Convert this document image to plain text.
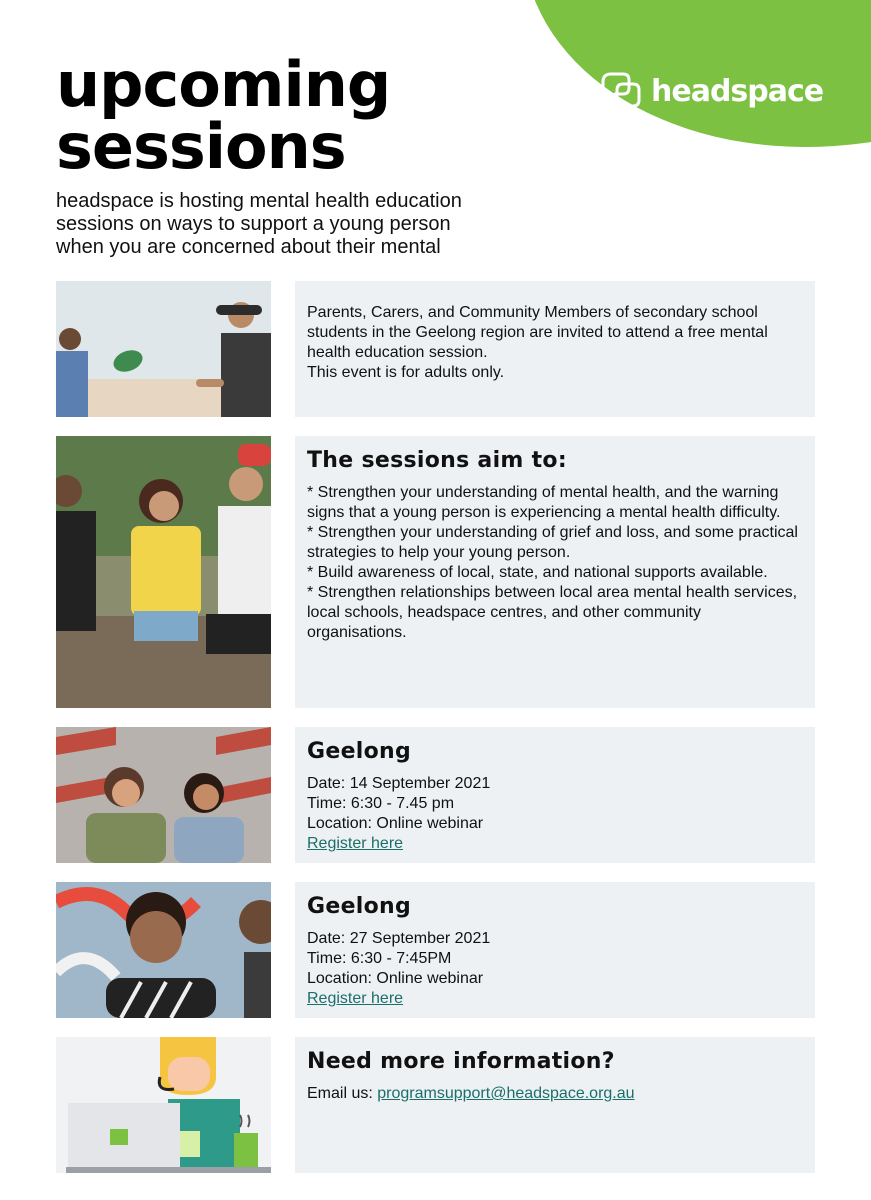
headspace
upcoming
sessions

headspace is hosting mental health education sessions on ways to support a young person when you are concerned about their mental

Parents, Carers, and Community Members of secondary school students in the Geelong region are invited to attend a free mental health education session.

This event is for adults only.

The sessions aim to:

* Strengthen your understanding of mental health, and the warning signs that a young person is experiencing a mental health difficulty.

* Strengthen your understanding of grief and loss, and some practical strategies to help your young person.

* Build awareness of local, state, and national supports available.

* Strengthen relationships between local area mental health services, local schools, headspace centres, and other community organisations.

Geelong

Date: 14 September 2021

Time: 6:30 - 7.45 pm

Location: Online webinar

Register here

Geelong

Date: 27 September 2021

Time: 6:30 - 7:45PM

Location: Online webinar

Register here

Need more information?

Email us: programsupport@headspace.org.au
